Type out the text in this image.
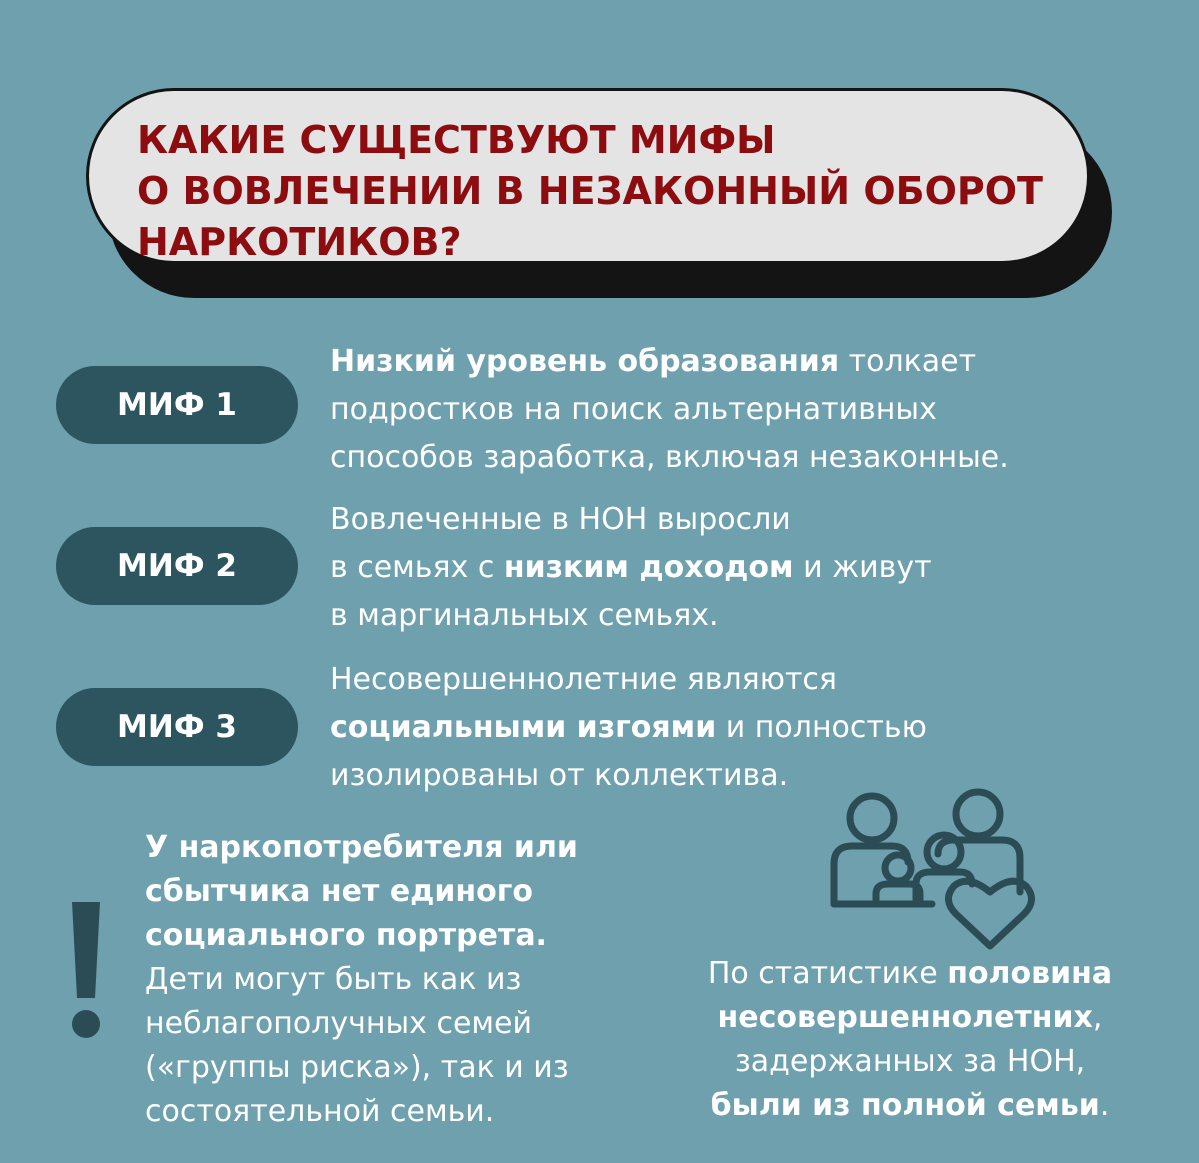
КАКИЕ СУЩЕСТВУЮТ МИФЫ
О ВОВЛЕЧЕНИИ В НЕЗАКОННЫЙ ОБОРОТ
НАРКОТИКОВ?
МИФ 1

Низкий уровень образования толкает
подростков на поиск альтернативных
способов заработка, включая незаконные.

МИФ 2

Вовлеченные в НОН выросли
в семьях с низким доходом и живут
в маргинальных семьях.

МИФ 3

Несовершеннолетние являются
социальными изгоями и полностью
изолированы от коллектива.

У наркопотребителя или
сбытчика нет единого
социального портрета.
Дети могут быть как из
неблагополучных семей
(«группы риска»), так и из
состоятельной семьи.

По статистике половина
несовершеннолетних,
задержанных за НОН,
были из полной семьи.
